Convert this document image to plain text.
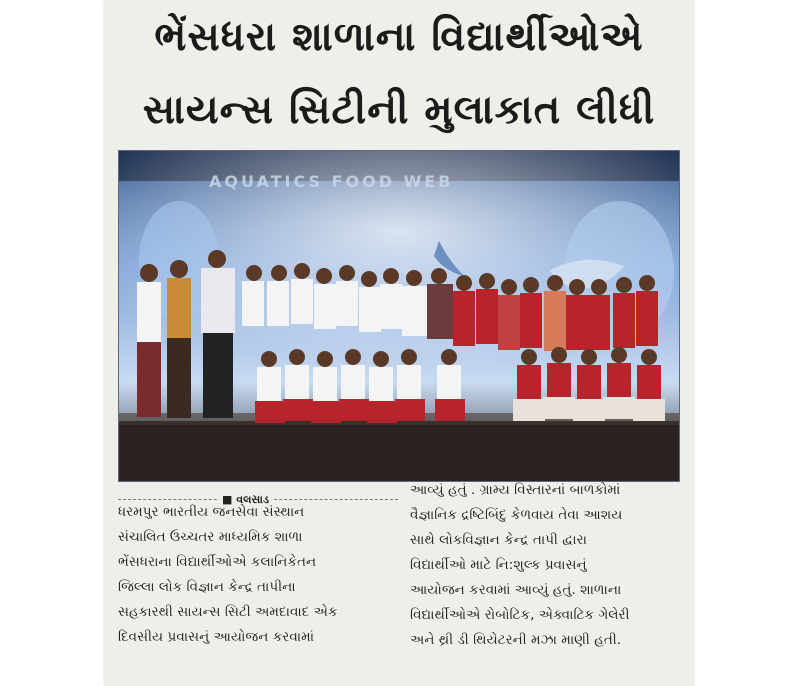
ભેંસધરા શાળાના વિદ્યાર્થીઓએ
સાયન્સ સિટીની મુલાકાત લીધી
AQUATICS FOOD WEB
■ વલસાડ

ધરમપુર ભારતીય જનસેવા સંસ્થાન

સંચાલિત ઉચ્ચતર માધ્યમિક શાળા

ભેંસધરાના વિદ્યાર્થીઓએ કલાનિકેતન

જિલ્લા લોક વિજ્ઞાન કેન્દ્ર તાપીના

સહકારથી સાયન્સ સિટી અમદાવાદ એક

દિવસીય પ્રવાસનું આયોજન કરવામાં

આવ્યું હતું . ગ્રામ્ય વિસ્તારનાં બાળકોમાં

વૈજ્ઞાનિક દ્રષ્ટિબિંદુ કેળવાય તેવા આશય

સાથે લોકવિજ્ઞાન કેન્દ્ર તાપી દ્વારા

વિદ્યાર્થીઓ માટે નિ:શુલ્ક પ્રવાસનું

આયોજન કરવામાં આવ્યું હતું. શાળાના

વિદ્યાર્થીઓએ રોબોટિક, એક્વાટિક ગેલેરી

અને થ્રી ડી થિયેટરની મઝા માણી હતી.
